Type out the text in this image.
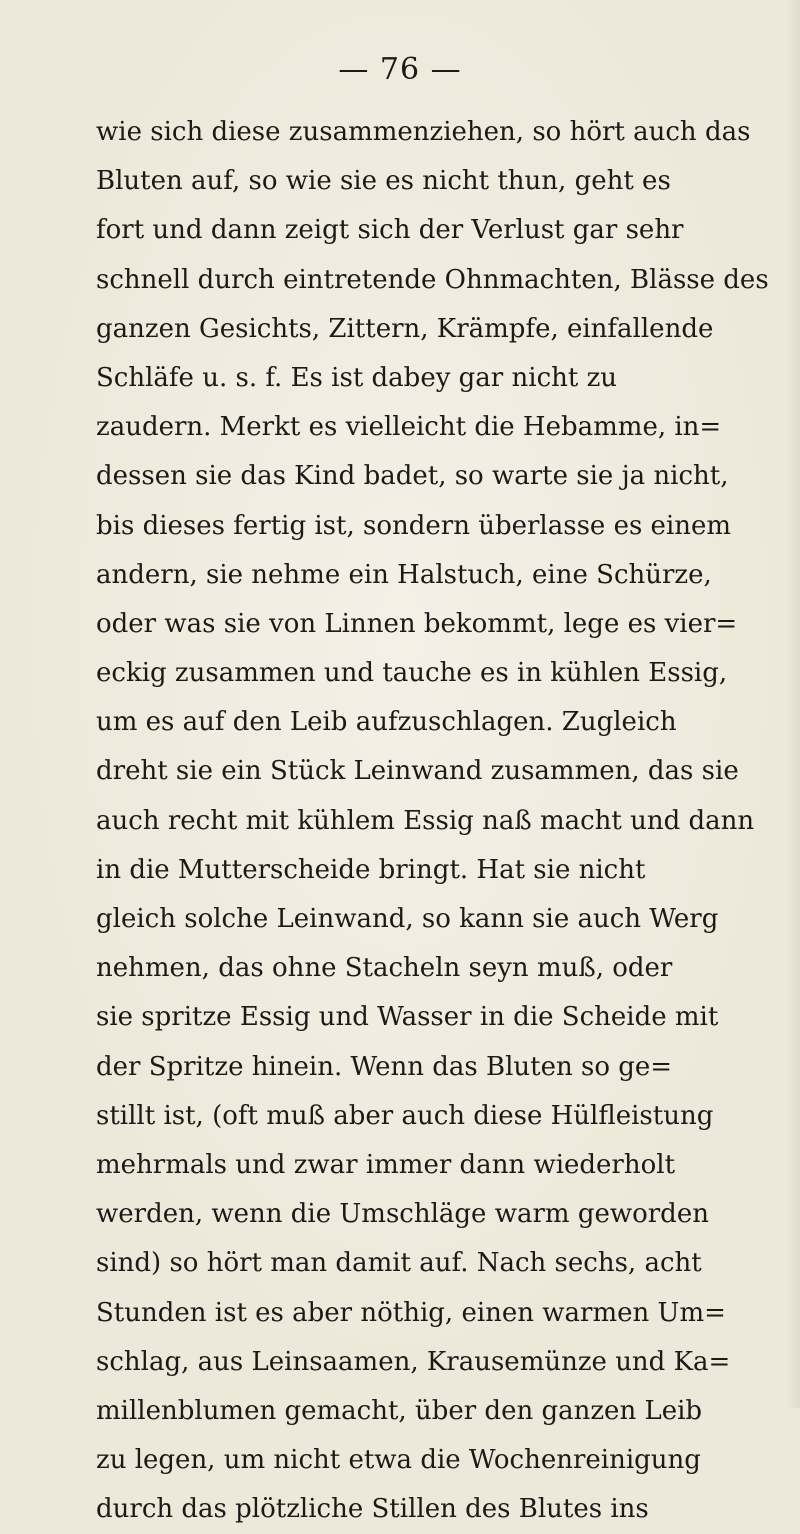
— 76 —
wie sich diese zusammenziehen, so hört auch das
Bluten auf, so wie sie es nicht thun, geht es
fort und dann zeigt sich der Verlust gar sehr
schnell durch eintretende Ohnmachten, Blässe des
ganzen Gesichts, Zittern, Krämpfe, einfallende
Schläfe u. s. f. Es ist dabey gar nicht zu
zaudern. Merkt es vielleicht die Hebamme, in=
dessen sie das Kind badet, so warte sie ja nicht,
bis dieses fertig ist, sondern überlasse es einem
andern, sie nehme ein Halstuch, eine Schürze,
oder was sie von Linnen bekommt, lege es vier=
eckig zusammen und tauche es in kühlen Essig,
um es auf den Leib aufzuschlagen. Zugleich
dreht sie ein Stück Leinwand zusammen, das sie
auch recht mit kühlem Essig naß macht und dann
in die Mutterscheide bringt. Hat sie nicht
gleich solche Leinwand, so kann sie auch Werg
nehmen, das ohne Stacheln seyn muß, oder
sie spritze Essig und Wasser in die Scheide mit
der Spritze hinein. Wenn das Bluten so ge=
stillt ist, (oft muß aber auch diese Hülfleistung
mehrmals und zwar immer dann wiederholt
werden, wenn die Umschläge warm geworden
sind) so hört man damit auf. Nach sechs, acht
Stunden ist es aber nöthig, einen warmen Um=
schlag, aus Leinsaamen, Krausemünze und Ka=
millenblumen gemacht, über den ganzen Leib
zu legen, um nicht etwa die Wochenreinigung
durch das plötzliche Stillen des Blutes ins
